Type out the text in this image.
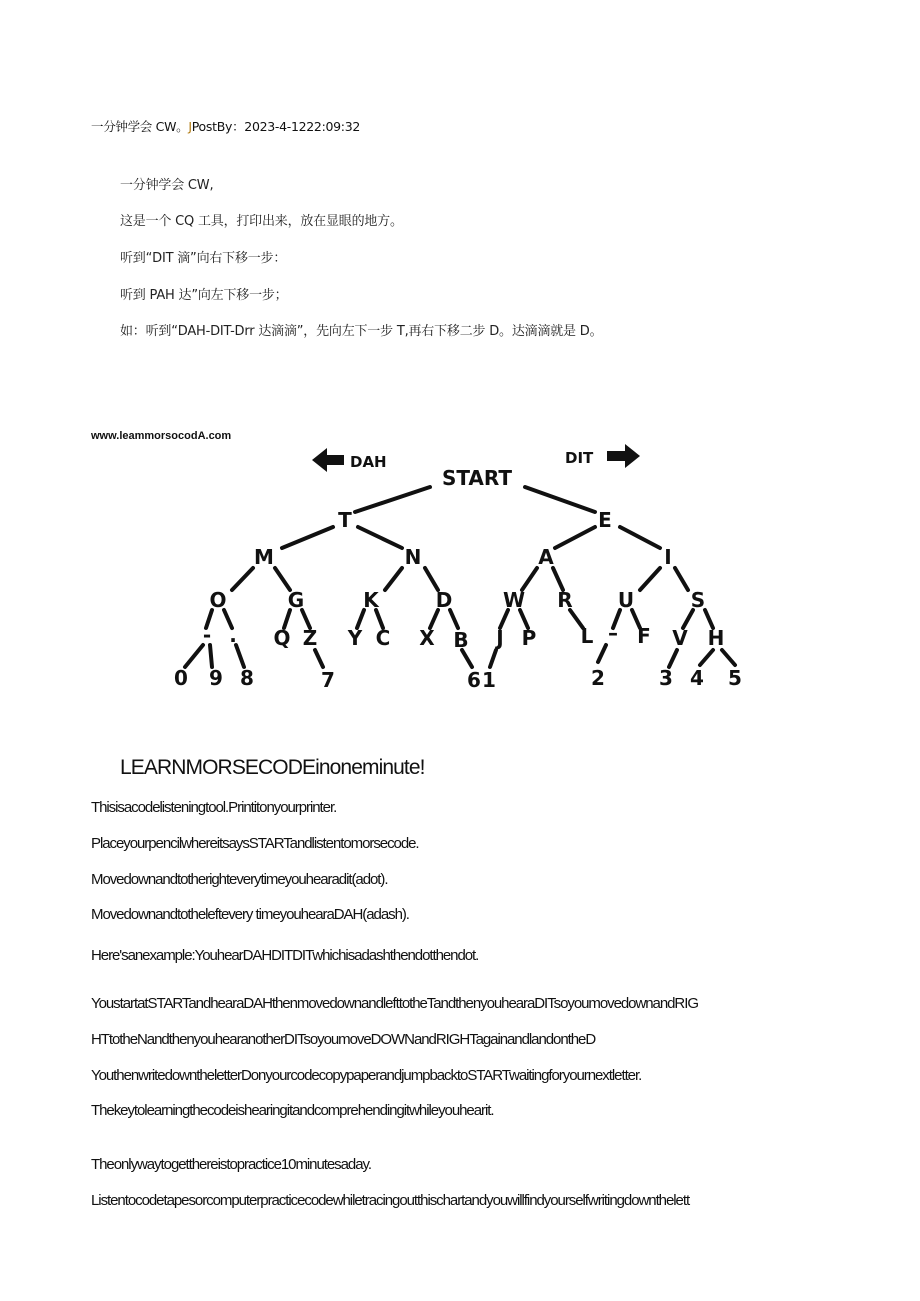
一分钟学会 CW。JPostBy：2023-4-1222:09:32
一分钟学会 CW,
这是一个 CQ 工具，打印出来，放在显眼的地方。
听到“DIT 滴”向右下移一步：
听到 PAH 达”向左下移一步；
如：听到“DAH-DIT-Drr 达滴滴”，先向左下一步 T,再右下移二步 D。达滴滴就是 D。
www.leammorsocodA.com
DAH	DIT
START
T	E
M	N	A	I
O	G	K	D	W R U	S
- . Q Z Y C X B J P L – F V H
0 9 8	7	6 1	2	3 4 5
LEARNMORSECODEinoneminute!
Thisisacodelisteningtool.Printitonyourprinter.
PlaceyourpencilwhereitsaysSTARTandlistentomorsecode.
Movedownandtotherighteverytimeyouhearadit(adot).
Movedownandtotheleftevery timeyouhearaDAH(adash).
Here'sanexample:YouhearDAHDITDITwhichisadashthendotthendot.
YoustartatSTARTandhearaDAHthenmovedownandlefttotheTandthenyouhearaDITsoyoumovedownandRIG
HTtotheNandthenyouhearanotherDITsoyoumoveDOWNandRIGHTagainandlandontheD
YouthenwritedowntheletterDonyourcodecopypaperandjumpbacktoSTARTwaitingforyournextletter.
Thekeytolearningthecodeishearingitandcomprehendingitwhileyouhearit.
Theonlywaytogetthereistopractice10minutesaday.
Listentocodetapesorcomputerpracticecodewhiletracingoutthischartandyouwillfindyourselfwritingdownthelett
